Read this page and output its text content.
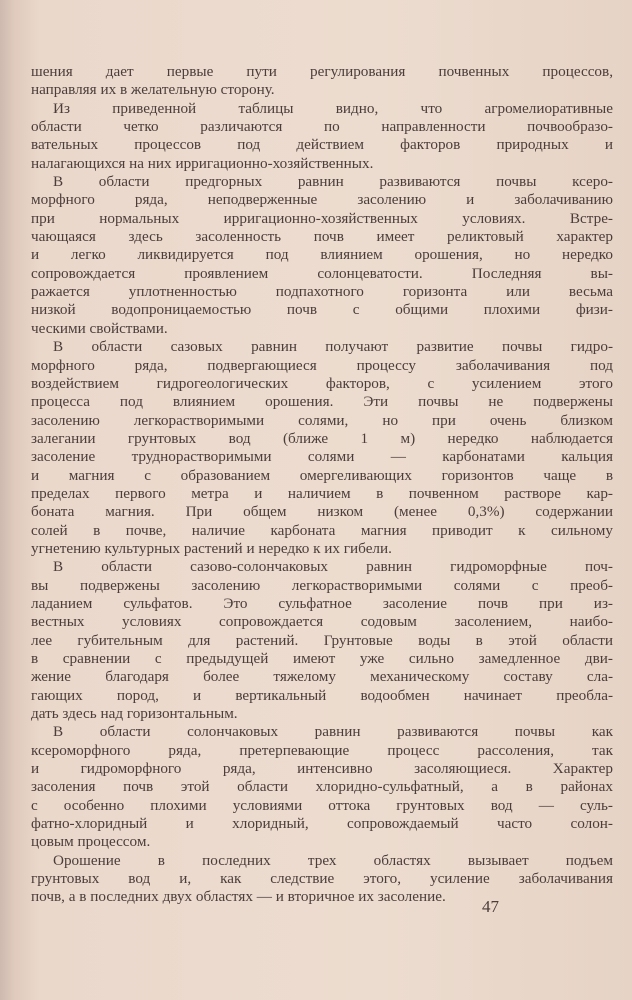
шения дает первые пути регулирования почвенных процессов,
направляя их в желательную сторону.
Из приведенной таблицы видно, что агромелиоративные
области четко различаются по направленности почвообразо-
вательных процессов под действием факторов природных и
налагающихся на них ирригационно-хозяйственных.
В области предгорных равнин развиваются почвы ксеро-
морфного ряда, неподверженные засолению и заболачиванию
при нормальных ирригационно-хозяйственных условиях. Встре-
чающаяся здесь засоленность почв имеет реликтовый характер
и легко ликвидируется под влиянием орошения, но нередко
сопровождается проявлением солонцеватости. Последняя вы-
ражается уплотненностью подпахотного горизонта или весьма
низкой водопроницаемостью почв с общими плохими физи-
ческими свойствами.
В области сазовых равнин получают развитие почвы гидро-
морфного ряда, подвергающиеся процессу заболачивания под
воздействием гидрогеологических факторов, с усилением этого
процесса под влиянием орошения. Эти почвы не подвержены
засолению легкорастворимыми солями, но при очень близком
залегании грунтовых вод (ближе 1 м) нередко наблюдается
засоление труднорастворимыми солями — карбонатами кальция
и магния с образованием омергеливающих горизонтов чаще в
пределах первого метра и наличием в почвенном растворе кар-
боната магния. При общем низком (менее 0,3%) содержании
солей в почве, наличие карбоната магния приводит к сильному
угнетению культурных растений и нередко к их гибели.
В области сазово-солончаковых равнин гидроморфные поч-
вы подвержены засолению легкорастворимыми солями с преоб-
ладанием сульфатов. Это сульфатное засоление почв при из-
вестных условиях сопровождается содовым засолением, наибо-
лее губительным для растений. Грунтовые воды в этой области
в сравнении с предыдущей имеют уже сильно замедленное дви-
жение благодаря более тяжелому механическому составу сла-
гающих пород, и вертикальный водообмен начинает преобла-
дать здесь над горизонтальным.
В области солончаковых равнин развиваются почвы как
ксероморфного ряда, претерпевающие процесс рассоления, так
и гидроморфного ряда, интенсивно засоляющиеся. Характер
засоления почв этой области хлоридно-сульфатный, а в районах
с особенно плохими условиями оттока грунтовых вод — суль-
фатно-хлоридный и хлоридный, сопровождаемый часто солон-
цовым процессом.
Орошение в последних трех областях вызывает подъем
грунтовых вод и, как следствие этого, усиление заболачивания
почв, а в последних двух областях — и вторичное их засоление.
47
